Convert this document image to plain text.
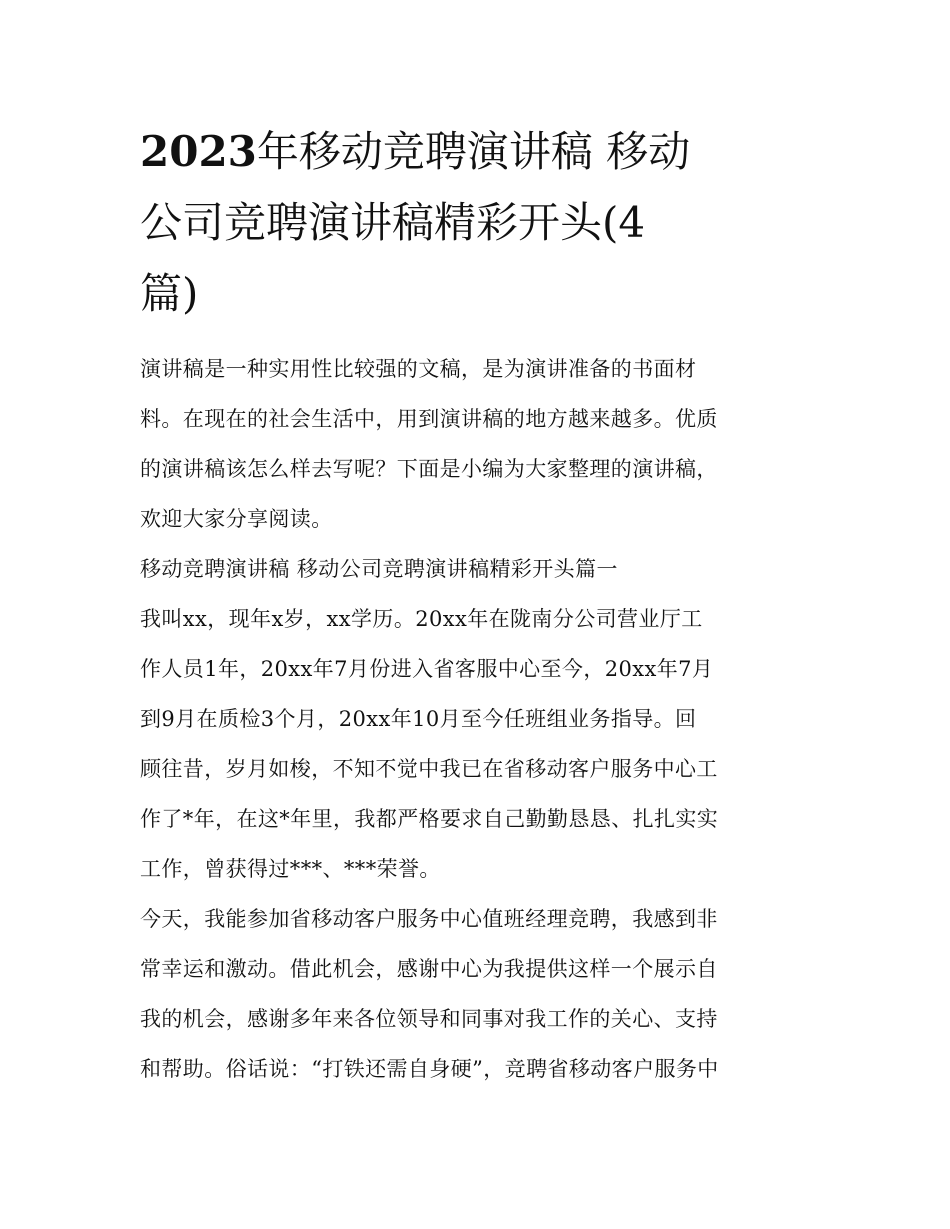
2023年移动竞聘演讲稿 移动
公司竞聘演讲稿精彩开头(4
篇)

演讲稿是一种实用性比较强的文稿，是为演讲准备的书面材
料。在现在的社会生活中，用到演讲稿的地方越来越多。优质
的演讲稿该怎么样去写呢？下面是小编为大家整理的演讲稿，
欢迎大家分享阅读。

移动竞聘演讲稿 移动公司竞聘演讲稿精彩开头篇一

我叫xx，现年x岁，xx学历。20xx年在陇南分公司营业厅工
作人员1年，20xx年7月份进入省客服中心至今，20xx年7月
到9月在质检3个月，20xx年10月至今任班组业务指导。回
顾往昔，岁月如梭，不知不觉中我已在省移动客户服务中心工
作了*年，在这*年里，我都严格要求自己勤勤恳恳、扎扎实实
工作，曾获得过***、***荣誉。

今天，我能参加省移动客户服务中心值班经理竞聘，我感到非
常幸运和激动。借此机会，感谢中心为我提供这样一个展示自
我的机会，感谢多年来各位领导和同事对我工作的关心、支持
和帮助。俗话说：“打铁还需自身硬”，竞聘省移动客户服务中
